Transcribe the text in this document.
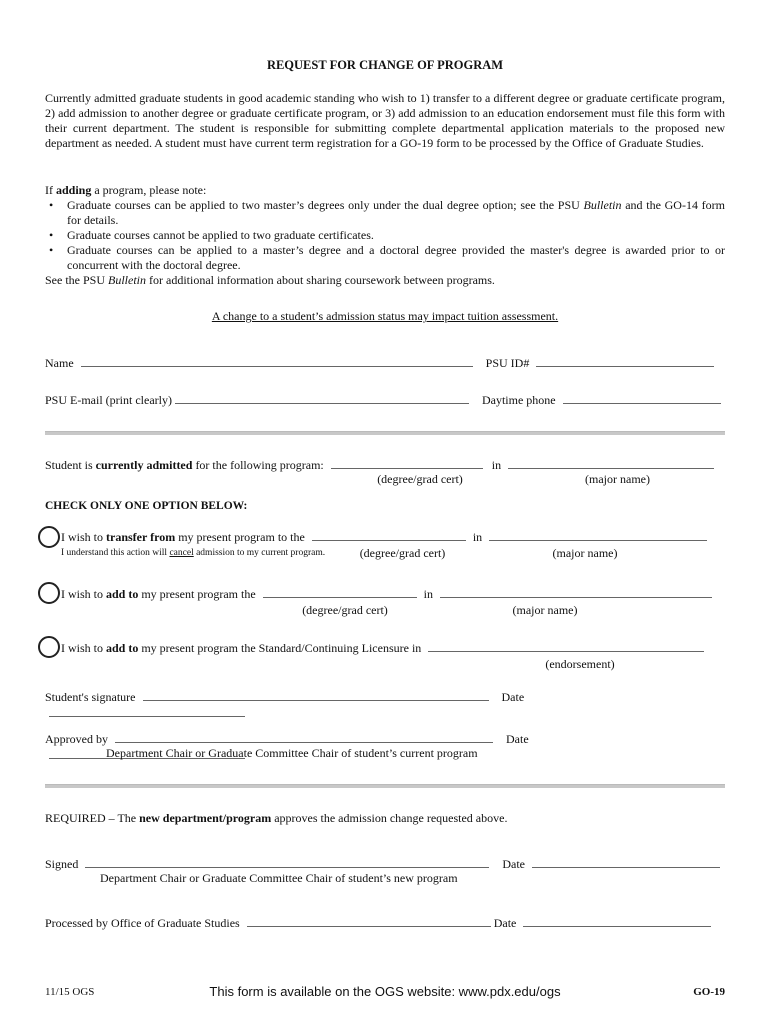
REQUEST FOR CHANGE OF PROGRAM

Currently admitted graduate students in good academic standing who wish to 1) transfer to a different degree or graduate certificate program, 2) add admission to another degree or graduate certificate program, or 3) add admission to an education endorsement must file this form with their current department. The student is responsible for submitting complete departmental application materials to the proposed new department as needed. A student must have current term registration for a GO-19 form to be processed by the Office of Graduate Studies.

If adding a program, please note:

• Graduate courses can be applied to two master’s degrees only under the dual degree option; see the PSU Bulletin and the GO-14 form for details.
• Graduate courses cannot be applied to two graduate certificates.
• Graduate courses can be applied to a master’s degree and a doctoral degree provided the master's degree is awarded prior to or concurrent with the doctoral degree.

See the PSU Bulletin for additional information about sharing coursework between programs.

A change to a student’s admission status may impact tuition assessment.
Name	PSU ID#
PSU E-mail (print clearly)	Daytime phone
Student is currently admitted for the following program:	in
(degree/grad cert)	(major name)
CHECK ONLY ONE OPTION BELOW:
I wish to transfer from my present program to the	in
I understand this action will cancel admission to my current program.	(degree/grad cert)	(major name)
I wish to add to my present program the	in
(degree/grad cert)	(major name)
I wish to add to my present program the Standard/Continuing Licensure in
(endorsement)
Student's signature	Date
Approved by	Date
Department Chair or Graduate Committee Chair of student’s current program
REQUIRED – The new department/program approves the admission change requested above.
Signed	Date
Department Chair or Graduate Committee Chair of student’s new program
Processed by Office of Graduate Studies	Date
11/15 OGS	This form is available on the OGS website: www.pdx.edu/ogs	GO-19
